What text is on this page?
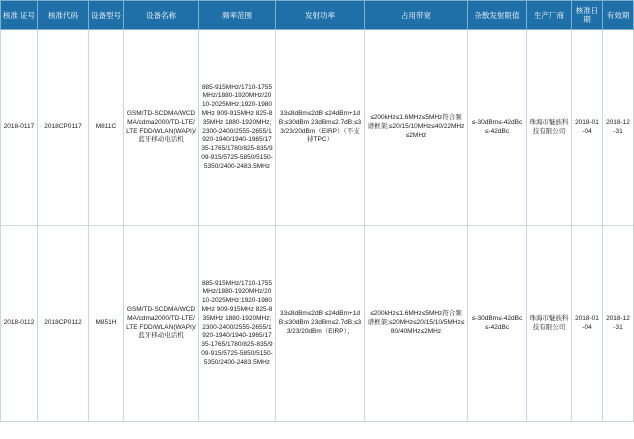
核准 证号	核准代码	设备型号	设备名称	频率范围	发射功率	占用带宽	杂散发射限值	生产厂商	核准日期	有效期
2018-0117	2018CP0117	M811C	GSM/TD-SCDMA/WCDMA/cdma2000/TD-LTE/LTE FDD/WLAN(WAPI)/蓝牙移动电话机	885-915MHz/1710-1755MHz/1880-1920MHz/2010-2025MHz;1920-1980MHz 909-915MHz 825-835MHz 1880-1920MHz;2300-2400/2555-2655/1920-1940/1940-1965/1735-1765/1780/825-835/909-915/5725-5850/5150-5350/2400-2483.5MHz	33≤8dBm≤2dB ≤24dBm+1dB;≤30dBm 23dBm≤2.7dB;≤33/23/20dBm（EIRP）（不支持TPC）	≤200kHz≤1.6MHz≤5MHz符合频谱框架;≤20/15/10MHz≤40/22MHz≤2MHz	≤-30dBm≤-42dBc≤-42dBc	珠海市魅族科技有限公司	2018-01-04	2018-12-31
2018-0112	2018CP0112	M851H	GSM/TD-SCDMA/WCDMA/cdma2000/TD-LTE/LTE FDD/WLAN(WAPI)/蓝牙移动电话机	885-915MHz/1710-1755MHz/1880-1920MHz/2010-2025MHz;1920-1980MHz 909-915MHz 825-835MHz 1880-1920MHz;2300-2400/2555-2655/1920-1940/1940-1965/1735-1765/1780/825-835/909-915/5725-5850/5150-5350/2400-2483.5MHz	33≤8dBm≤2dB ≤24dBm+1dB;≤30dBm 23dBm≤2.7dB;≤33/23/20dBm（EIRP）；	≤200kHz≤1.6MHz≤5MHz符合频谱框架;≤20MHz≤20/15/10/5MHz≤80/40MHz≤2MHz	≤-30dBm≤-42dBc≤-42dBc	珠海市魅族科技有限公司	2018-01-04	2018-12-31
